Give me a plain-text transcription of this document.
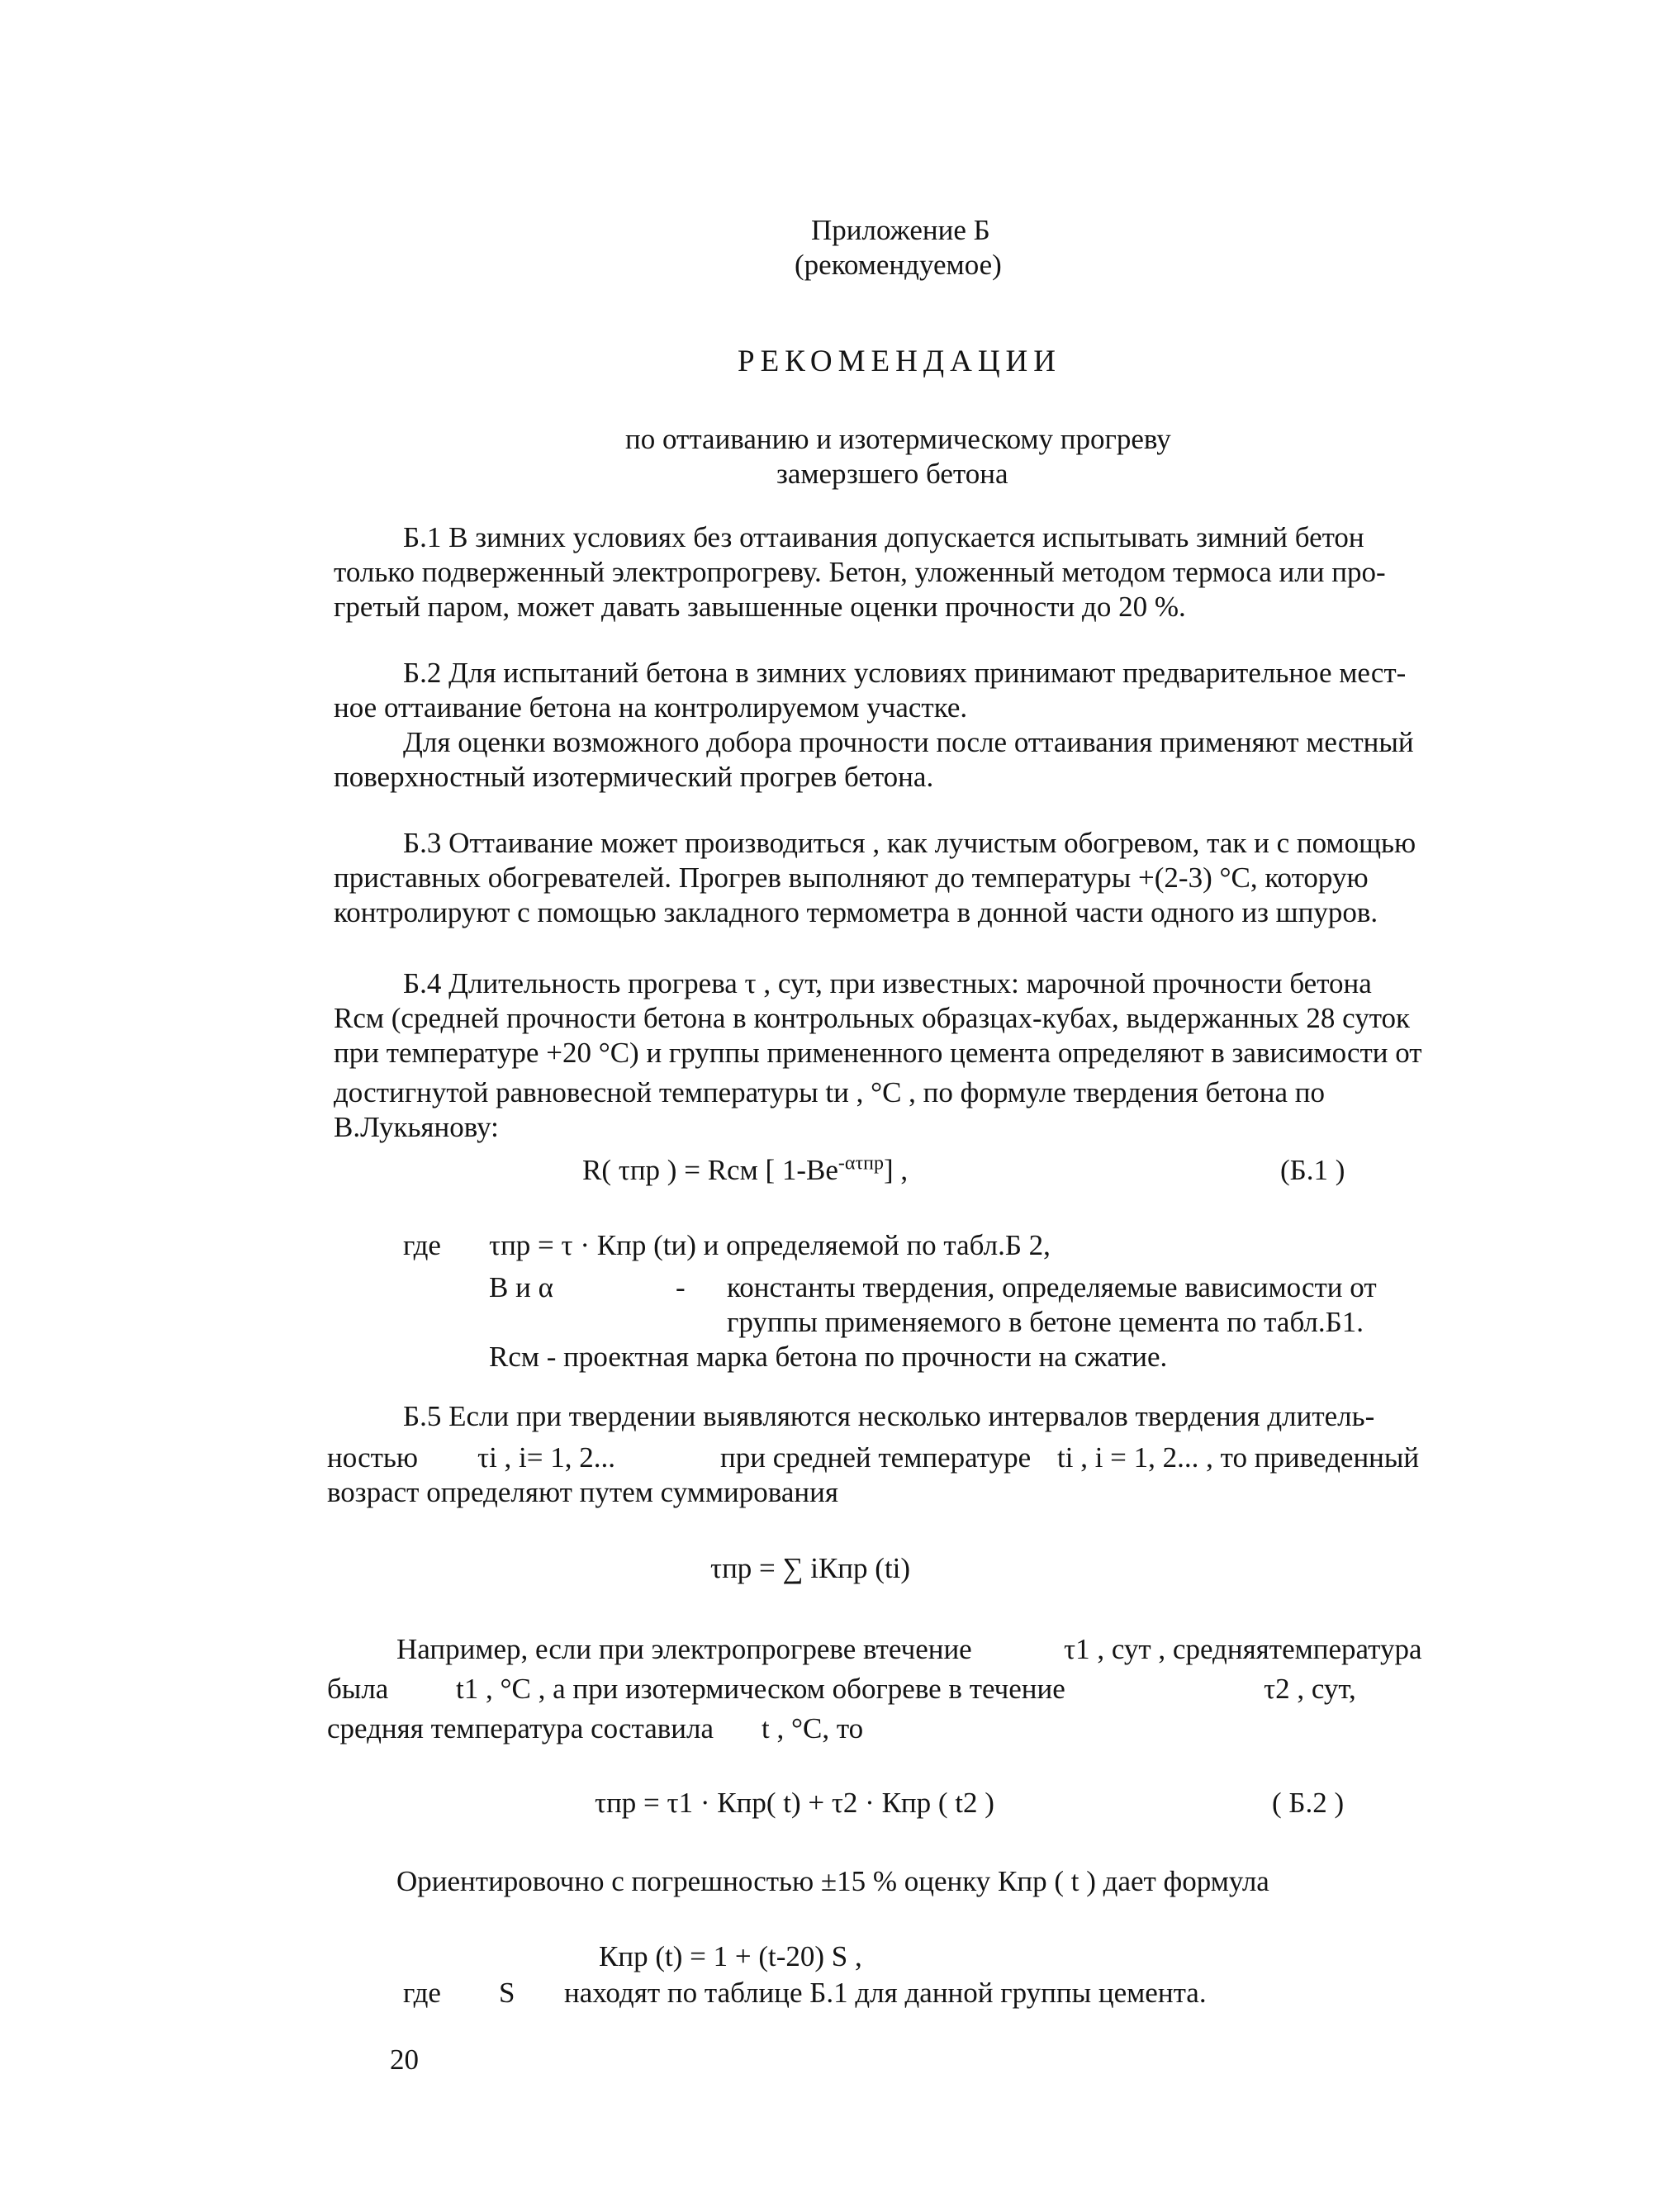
Приложение Б
(рекомендуемое)
РЕКОМЕНДАЦИИ
по оттаиванию и изотермическому прогреву
замерзшего бетона
Б.1 В зимних условиях без оттаивания допускается испытывать зимний бетон
только подверженный электропрогреву. Бетон, уложенный методом термоса или про-
гретый паром, может давать завышенные оценки прочности до 20 %.
Б.2 Для испытаний бетона в зимних условиях принимают предварительное мест-
ное оттаивание бетона на контролируемом участке.
Для оценки возможного добора прочности после оттаивания применяют местный
поверхностный изотермический прогрев бетона.
Б.3 Оттаивание может производиться , как лучистым обогревом, так и с помощью
приставных обогревателей. Прогрев выполняют до температуры +(2-3) °С, которую
контролируют с помощью закладного термометра в донной части одного из шпуров.
Б.4 Длительность прогрева τ , сут, при известных: марочной прочности бетона
Rсм (средней прочности бетона в контрольных образцах-кубах, выдержанных 28 суток
при температуре +20 °С) и группы примененного цемента определяют в зависимости от
достигнутой равновесной температуры tи , °С , по формуле твердения бетона по
В.Лукьянову:
R( τпр ) = Rсм [ $1-Be^{-\alpha\tau пр}$] ,	(Б.1 )
где τпр = τ · Кпр (tи) и определяемой по табл.Б 2,
В и α	- константы твердения, определяемые вависимости от
группы применяемого в бетоне цемента по табл.Б1.
Rсм - проектная марка бетона по прочности на сжатие.
Б.5 Если при твердении выявляются несколько интервалов твердения длитель-
ностью τi , i= 1, 2...	при средней температуре ti , i = 1, 2... , то приведенный
возраст определяют путем суммирования
τпр = ∑ iКпр (ti)
Например, если при электропрогреве втечение	τ1 , сут , средняятемпература
была t1 , °С , а при изотермическом обогреве в течение	τ2 , сут,
средняя температура составила t , °С, то
τпр = τ1 · Кпр( t) + τ2 · Кпр ( t2 )	( Б.2 )
Ориентировочно с погрешностью ±15 % оценку Кпр ( t ) дает формула
Кпр (t) = 1 + (t-20) S ,
где S находят по таблице Б.1 для данной группы цемента.
20
